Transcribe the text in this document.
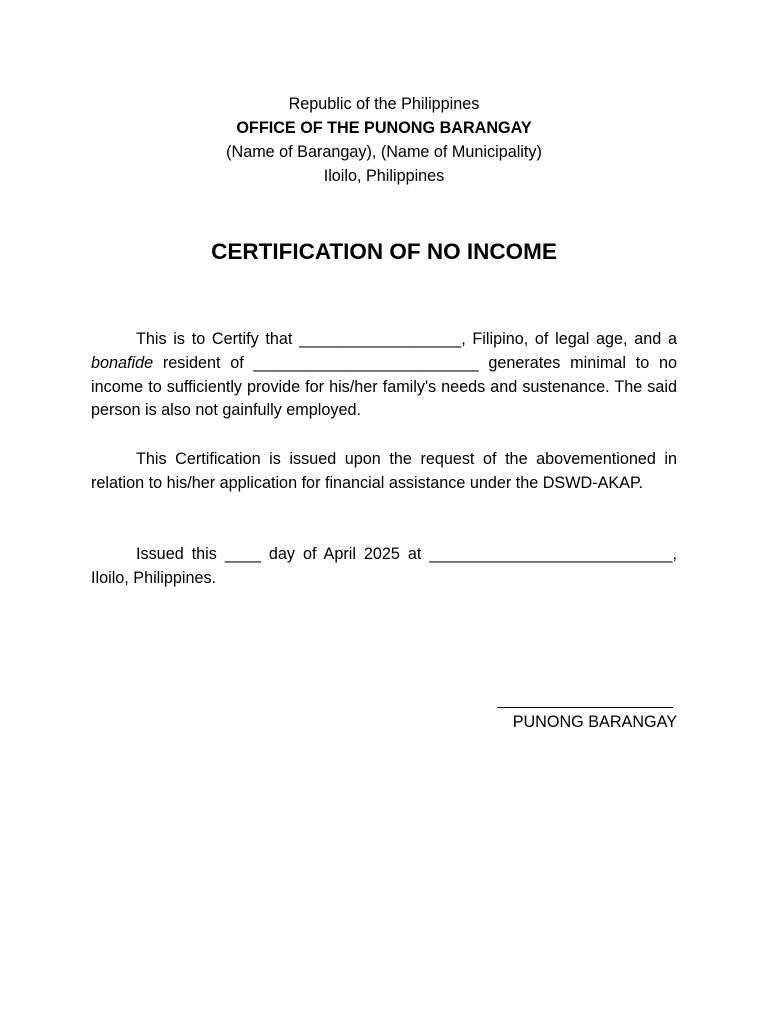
Republic of the Philippines
OFFICE OF THE PUNONG BARANGAY
(Name of Barangay), (Name of Municipality)
Iloilo, Philippines
CERTIFICATION OF NO INCOME

This is to Certify that __________________, Filipino, of legal age, and a bonafide resident of _________________________ generates minimal to no income to sufficiently provide for his/her family's needs and sustenance. The said person is also not gainfully employed.

This Certification is issued upon the request of the abovementioned in relation to his/her application for financial assistance under the DSWD-AKAP.

Issued this ____ day of April 2025 at ___________________________, Iloilo, Philippines.

PUNONG BARANGAY
